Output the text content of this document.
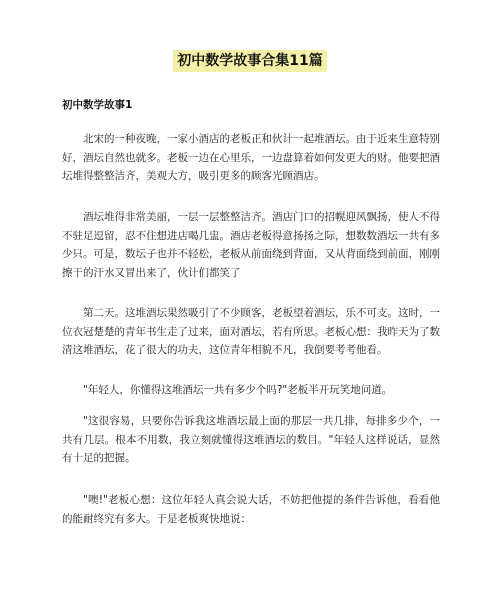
初中数学故事合集11篇
初中数学故事1

北宋的一种夜晚，一家小酒店的老板正和伙计一起堆酒坛。由于近来生意特别好，酒坛自然也就多。老板一边在心里乐，一边盘算着如何发更大的财。他要把酒坛堆得整整洁齐，美观大方，吸引更多的顾客光顾酒店。

酒坛堆得非常美丽，一层一层整整洁齐。酒店门口的招幌迎风飘扬，使人不得不驻足逗留，忍不住想进店喝几盅。酒店老板得意扬扬之际，想数数酒坛一共有多少只。可是，数坛子也并不轻松，老板从前面绕到背面，又从背面绕到前面，刚刚擦干的汗水又冒出来了，伙计们都笑了

第二天。这堆酒坛果然吸引了不少顾客，老板望着酒坛，乐不可支。这时，一位衣冠楚楚的青年书生走了过来，面对酒坛，若有所思。老板心想：我昨天为了数清这堆酒坛，花了很大的功夫，这位青年相貌不凡，我倒要考考他看。

"年轻人，你懂得这堆酒坛一共有多少个吗?"老板半开玩笑地问道。

"这很容易，只要你告诉我这堆酒坛最上面的那层一共几排，每排多少个，一共有几层。根本不用数，我立刻就懂得这堆酒坛的数目。"年轻人这样说话，显然有十足的把握。

"噢!"老板心想：这位年轻人真会说大话，不妨把他提的条件告诉他，看看他的能耐终究有多大。于是老板爽快地说：
